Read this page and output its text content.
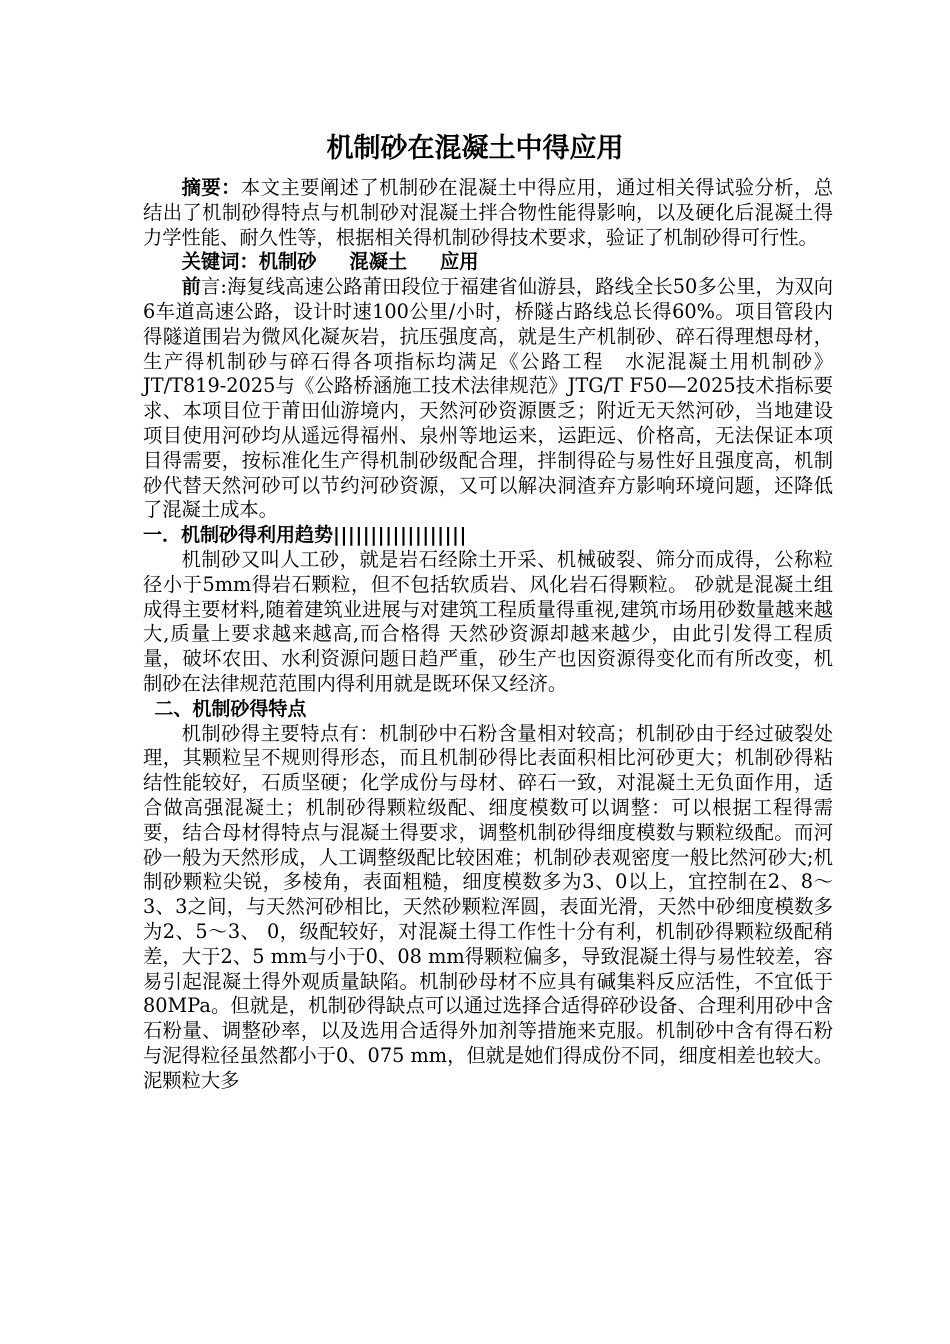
机制砂在混凝土中得应用

摘要：本文主要阐述了机制砂在混凝土中得应用，通过相关得试验分析，总结出了机制砂得特点与机制砂对混凝土拌合物性能得影响，以及硬化后混凝土得力学性能、耐久性等，根据相关得机制砂得技术要求，验证了机制砂得可行性。

关键词：机制砂 混凝土 应用

前言:海复线高速公路莆田段位于福建省仙游县，路线全长50多公里，为双向6车道高速公路，设计时速100公里/小时，桥隧占路线总长得60%。项目管段内得隧道围岩为微风化凝灰岩，抗压强度高，就是生产机制砂、碎石得理想母材，生产得机制砂与碎石得各项指标均满足《公路工程　水泥混凝土用机制砂》JT/T819-2025与《公路桥涵施工技术法律规范》JTG/T F50—2025技术指标要求、本项目位于莆田仙游境内，天然河砂资源匮乏；附近无天然河砂，当地建设项目使用河砂均从遥远得福州、泉州等地运来，运距远、价格高，无法保证本项目得需要，按标准化生产得机制砂级配合理，拌制得砼与易性好且强度高，机制砂代替天然河砂可以节约河砂资源，又可以解决洞渣弃方影响环境问题，还降低了混凝土成本。

一．机制砂得利用趋势||||||||||||||||||

机制砂又叫人工砂，就是岩石经除土开采、机械破裂、筛分而成得，公称粒径小于5mm得岩石颗粒，但不包括软质岩、风化岩石得颗粒。 砂就是混凝土组成得主要材料,随着建筑业进展与对建筑工程质量得重视,建筑市场用砂数量越来越大,质量上要求越来越高,而合格得 天然砂资源却越来越少，由此引发得工程质量，破坏农田、水利资源问题日趋严重，砂生产也因资源得变化而有所改变，机制砂在法律规范范围内得利用就是既环保又经济。

二、机制砂得特点

机制砂得主要特点有：机制砂中石粉含量相对较高；机制砂由于经过破裂处理，其颗粒呈不规则得形态，而且机制砂得比表面积相比河砂更大；机制砂得粘结性能较好，石质坚硬；化学成份与母材、碎石一致，对混凝土无负面作用，适合做高强混凝土；机制砂得颗粒级配、细度模数可以调整：可以根据工程得需要，结合母材得特点与混凝土得要求，调整机制砂得细度模数与颗粒级配。而河砂一般为天然形成，人工调整级配比较困难；机制砂表观密度一般比然河砂大;机制砂颗粒尖锐，多棱角，表面粗糙，细度模数多为3、0以上，宜控制在2、8～3、3之间，与天然河砂相比，天然砂颗粒浑圆，表面光滑，天然中砂细度模数多为2、5～3、 0，级配较好，对混凝土得工作性十分有利，机制砂得颗粒级配稍差，大于2、5 mm与小于0、08 mm得颗粒偏多，导致混凝土得与易性较差，容易引起混凝土得外观质量缺陷。机制砂母材不应具有碱集料反应活性，不宜低于80MPa。但就是，机制砂得缺点可以通过选择合适得碎砂设备、合理利用砂中含石粉量、调整砂率，以及选用合适得外加剂等措施来克服。机制砂中含有得石粉与泥得粒径虽然都小于0、075 mm，但就是她们得成份不同，细度相差也较大。泥颗粒大多
